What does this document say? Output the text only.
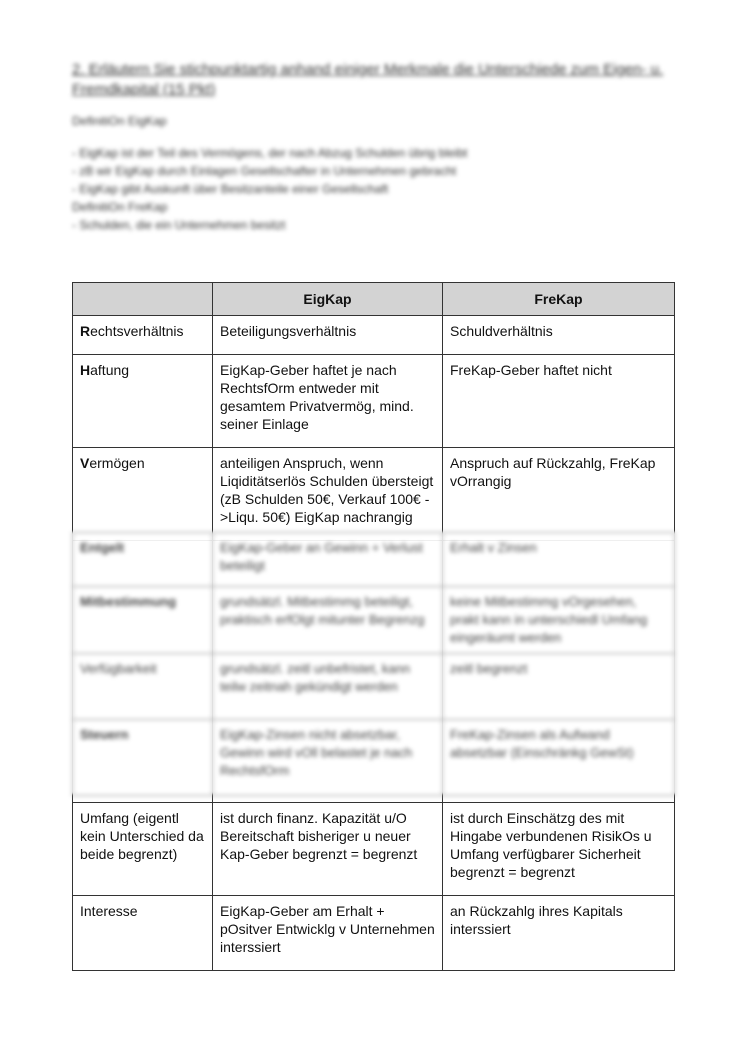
2. Erläutern Sie stichpunktartig anhand einiger Merkmale die Unterschiede zum Eigen- u. Fremdkapital (15 Pkt)
DefinitiOn EigKap
- EigKap ist der Teil des Vermögens, der nach Abzug Schulden übrig bleibt
- zB wir EigKap durch Einlagen Gesellschafter in Unternehmen gebracht
- EigKap gibt Auskunft über Besitzanteile einer Gesellschaft
DefinitiOn FreKap
- Schulden, die ein Unternehmen besitzt
	EigKap	FreKap
Rechtsverhältnis	Beteiligungsverhältnis	Schuldverhältnis
Haftung	EigKap-Geber haftet je nach RechtsfOrm entweder mit gesamtem Privatvermög, mind. seiner Einlage	FreKap-Geber haftet nicht
Vermögen	anteiligen Anspruch, wenn Liqiditätserlös Schulden übersteigt (zB Schulden 50€, Verkauf 100€ ->Liqu. 50€) EigKap nachrangig	Anspruch auf Rückzahlg, FreKap vOrrangig

Umfang (eigentl kein Unterschied da beide begrenzt)	ist durch finanz. Kapazität u/O Bereitschaft bisheriger u neuer Kap-Geber begrenzt = begrenzt	ist durch Einschätzg des mit Hingabe verbundenen RisikOs u Umfang verfügbarer Sicherheit begrenzt = begrenzt
Interesse	EigKap-Geber am Erhalt + pOsitver Entwicklg v Unternehmen interssiert	an Rückzahlg ihres Kapitals interssiert
Entgelt	EigKap-Geber an Gewinn + Verlust beteiligt	Erhalt v Zinsen
Mitbestimmung	grundsätzl. Mitbestimmg beteiligt, praktisch erfOlgt mitunter Begrenzg	keine Mitbestimmg vOrgesehen, prakt kann in unterschiedl Umfang eingeräumt werden
Verfügbarkeit	grundsätzl. zeitl unbefristet, kann teilw zeitnah gekündigt werden	zeitl begrenzt
Steuern	EigKap-Zinsen nicht absetzbar, Gewinn wird vOll belastet je nach RechtsfOrm	FreKap-Zinsen als Aufwand absetzbar (Einschränkg GewSt)
